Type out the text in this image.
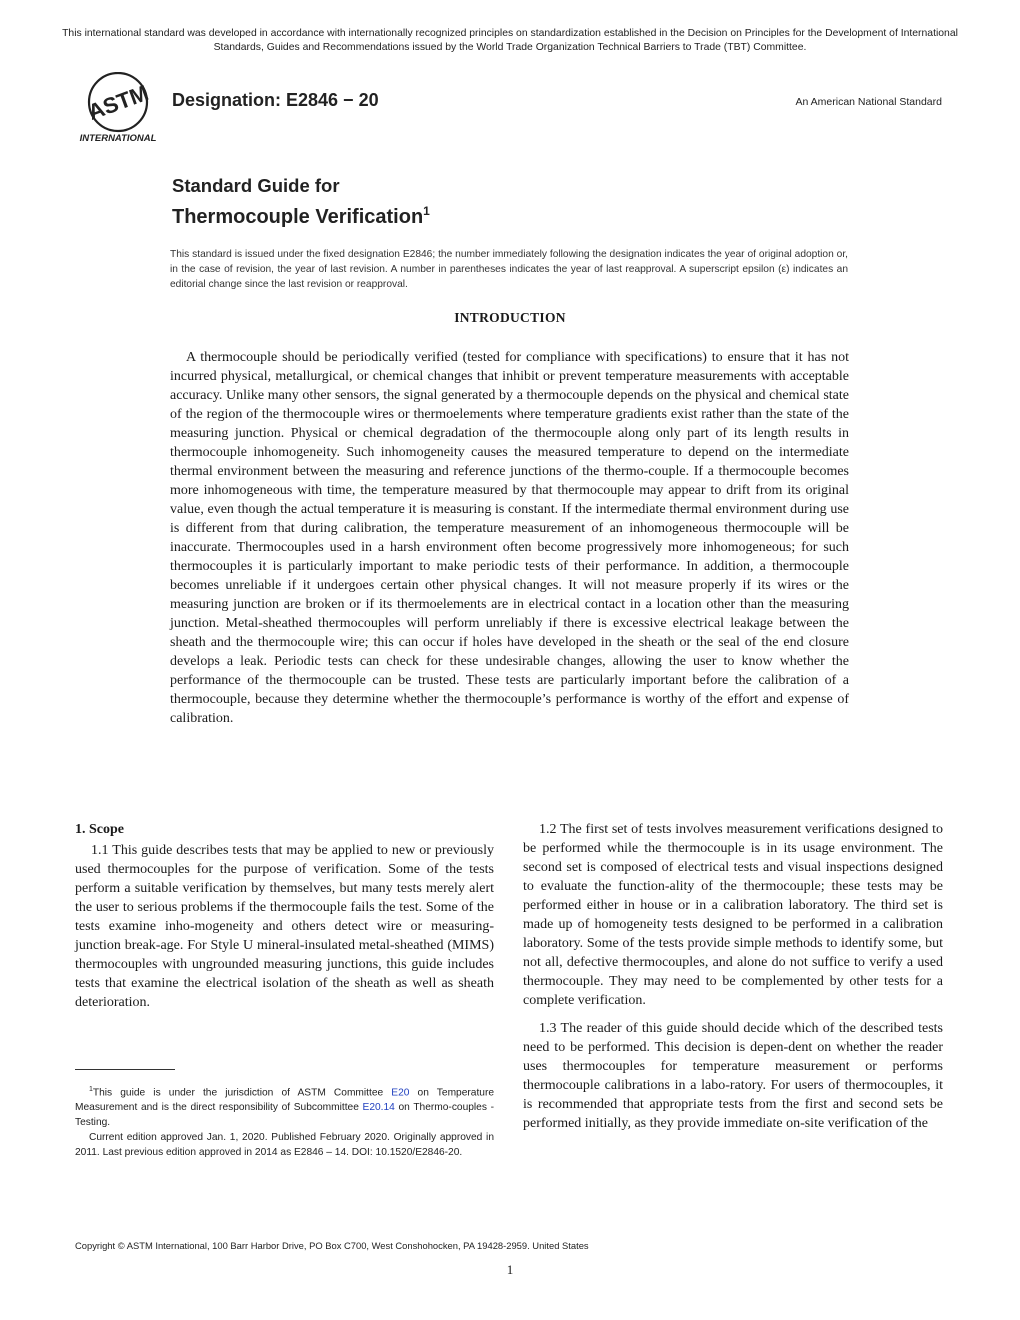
This international standard was developed in accordance with internationally recognized principles on standardization established in the Decision on Principles for the Development of International Standards, Guides and Recommendations issued by the World Trade Organization Technical Barriers to Trade (TBT) Committee.
ASTM
INTERNATIONAL
Designation: E2846 − 20	An American National Standard
Standard Guide for
Thermocouple Verification$^1$
This standard is issued under the fixed designation E2846; the number immediately following the designation indicates the year of original adoption or, in the case of revision, the year of last revision. A number in parentheses indicates the year of last reapproval. A superscript epsilon (ε) indicates an editorial change since the last revision or reapproval.
INTRODUCTION
A thermocouple should be periodically verified (tested for compliance with specifications) to ensure that it has not incurred physical, metallurgical, or chemical changes that inhibit or prevent temperature measurements with acceptable accuracy. Unlike many other sensors, the signal generated by a thermocouple depends on the physical and chemical state of the region of the thermocouple wires or thermoelements where temperature gradients exist rather than the state of the measuring junction. Physical or chemical degradation of the thermocouple along only part of its length results in thermocouple inhomogeneity. Such inhomogeneity causes the measured temperature to depend on the intermediate thermal environment between the measuring and reference junctions of the thermo-couple. If a thermocouple becomes more inhomogeneous with time, the temperature measured by that thermocouple may appear to drift from its original value, even though the actual temperature it is measuring is constant. If the intermediate thermal environment during use is different from that during calibration, the temperature measurement of an inhomogeneous thermocouple will be inaccurate. Thermocouples used in a harsh environment often become progressively more inhomogeneous; for such thermocouples it is particularly important to make periodic tests of their performance. In addition, a thermocouple becomes unreliable if it undergoes certain other physical changes. It will not measure properly if its wires or the measuring junction are broken or if its thermoelements are in electrical contact in a location other than the measuring junction. Metal-sheathed thermocouples will perform unreliably if there is excessive electrical leakage between the sheath and the thermocouple wire; this can occur if holes have developed in the sheath or the seal of the end closure develops a leak. Periodic tests can check for these undesirable changes, allowing the user to know whether the performance of the thermocouple can be trusted. These tests are particularly important before the calibration of a thermocouple, because they determine whether the thermocouple’s performance is worthy of the effort and expense of calibration.
1. Scope

1.1 This guide describes tests that may be applied to new or previously used thermocouples for the purpose of verification. Some of the tests perform a suitable verification by themselves, but many tests merely alert the user to serious problems if the thermocouple fails the test. Some of the tests examine inho-mogeneity and others detect wire or measuring-junction break-age. For Style U mineral-insulated metal-sheathed (MIMS) thermocouples with ungrounded measuring junctions, this guide includes tests that examine the electrical isolation of the sheath as well as sheath deterioration.

1.2 The first set of tests involves measurement verifications designed to be performed while the thermocouple is in its usage environment. The second set is composed of electrical tests and visual inspections designed to evaluate the function-ality of the thermocouple; these tests may be performed either in house or in a calibration laboratory. The third set is made up of homogeneity tests designed to be performed in a calibration laboratory. Some of the tests provide simple methods to identify some, but not all, defective thermocouples, and alone do not suffice to verify a used thermocouple. They may need to be complemented by other tests for a complete verification.

1.3 The reader of this guide should decide which of the described tests need to be performed. This decision is depen-dent on whether the reader uses thermocouples for temperature measurement or performs thermocouple calibrations in a labo-ratory. For users of thermocouples, it is recommended that appropriate tests from the first and second sets be performed initially, as they provide immediate on-site verification of the

$^1$This guide is under the jurisdiction of ASTM Committee E20 on Temperature Measurement and is the direct responsibility of Subcommittee E20.14 on Thermo-couples - Testing.

Current edition approved Jan. 1, 2020. Published February 2020. Originally approved in 2011. Last previous edition approved in 2014 as E2846 – 14. DOI: 10.1520/E2846-20.

Copyright © ASTM International, 100 Barr Harbor Drive, PO Box C700, West Conshohocken, PA 19428-2959. United States
1
